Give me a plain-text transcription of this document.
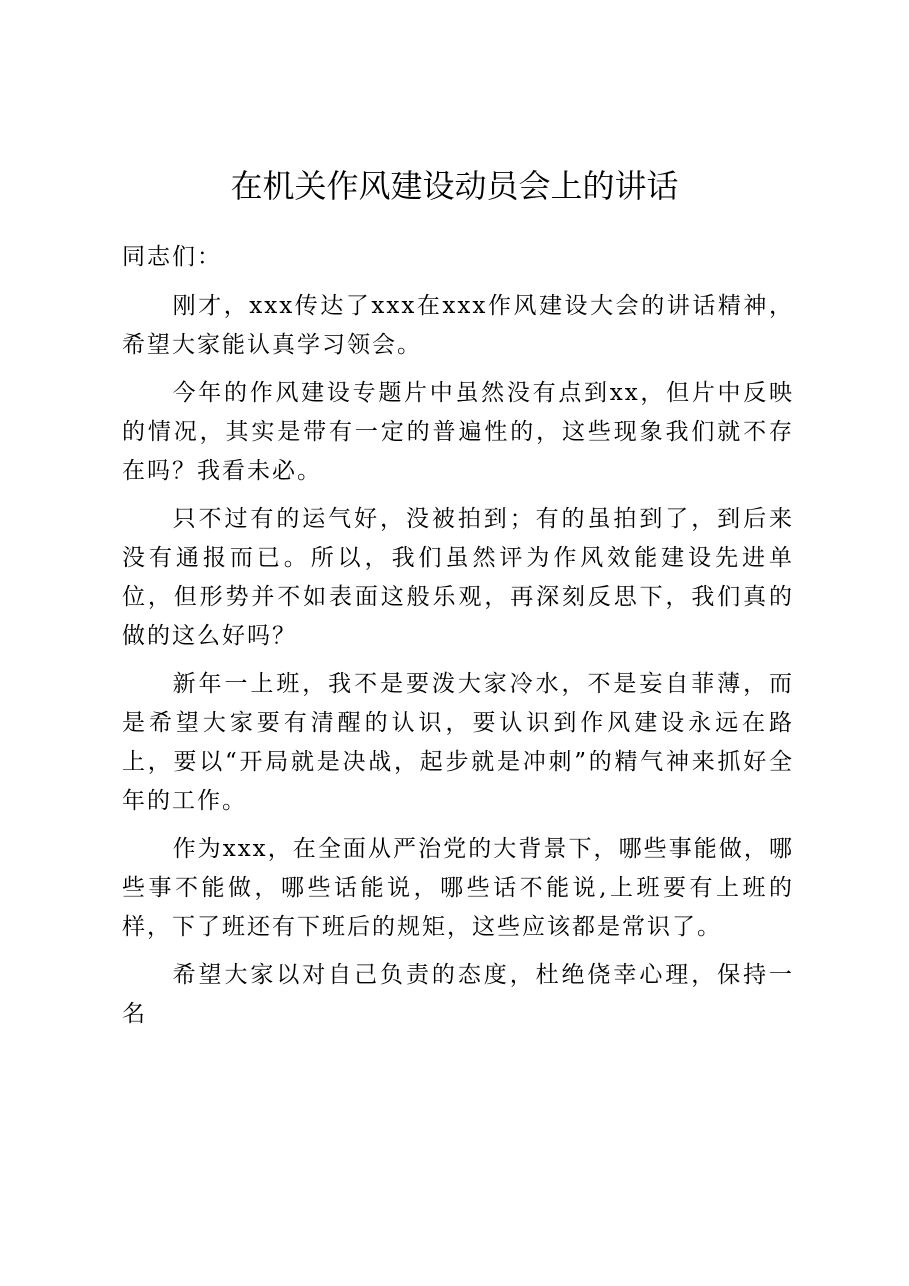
在机关作风建设动员会上的讲话

同志们：

刚才，xxx传达了xxx在xxx作风建设大会的讲话精神，希望大家能认真学习领会。

今年的作风建设专题片中虽然没有点到xx，但片中反映的情况，其实是带有一定的普遍性的，这些现象我们就不存在吗？我看未必。

只不过有的运气好，没被拍到；有的虽拍到了，到后来没有通报而已。所以，我们虽然评为作风效能建设先进单位，但形势并不如表面这般乐观，再深刻反思下，我们真的做的这么好吗？

新年一上班，我不是要泼大家冷水，不是妄自菲薄，而是希望大家要有清醒的认识，要认识到作风建设永远在路上，要以“开局就是决战，起步就是冲刺”的精气神来抓好全年的工作。

作为xxx，在全面从严治党的大背景下，哪些事能做，哪些事不能做，哪些话能说，哪些话不能说,上班要有上班的样，下了班还有下班后的规矩，这些应该都是常识了。

希望大家以对自己负责的态度，杜绝侥幸心理，保持一名
